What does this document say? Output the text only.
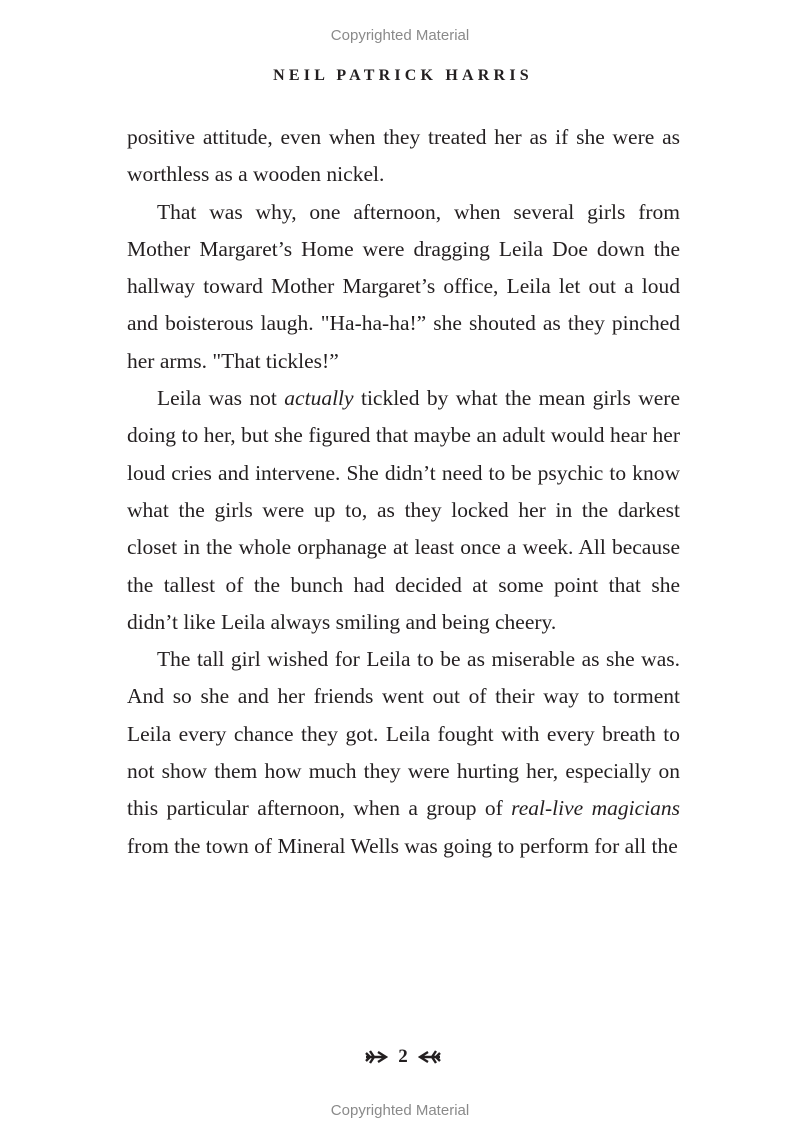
Copyrighted Material
NEIL PATRICK HARRIS

positive attitude, even when they treated her as if she were as worthless as a wooden nickel.

That was why, one afternoon, when several girls from Mother Margaret’s Home were dragging Leila Doe down the hallway toward Mother Margaret’s office, Leila let out a loud and boisterous laugh. "Ha-ha-ha!” she shouted as they pinched her arms. "That tickles!”

Leila was not actually tickled by what the mean girls were doing to her, but she figured that maybe an adult would hear her loud cries and intervene. She didn’t need to be psychic to know what the girls were up to, as they locked her in the darkest closet in the whole orphanage at least once a week. All because the tallest of the bunch had decided at some point that she didn’t like Leila always smiling and being cheery.

The tall girl wished for Leila to be as miserable as she was. And so she and her friends went out of their way to torment Leila every chance they got. Leila fought with every breath to not show them how much they were hurting her, especially on this particular afternoon, when a group of real-live magicians from the town of Mineral Wells was going to perform for all the

2
Copyrighted Material
